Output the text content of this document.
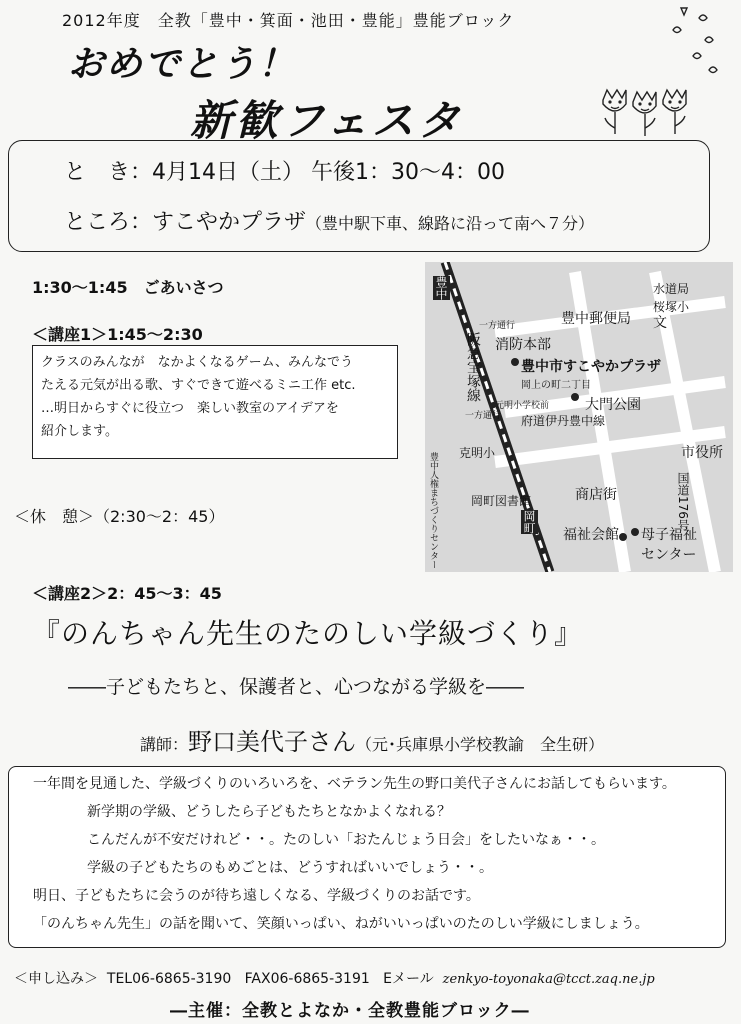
2012年度　全教「豊中・箕面・池田・豊能」豊能ブロック
おめでとう！
新歓フェスタ
と　き：4月14日（土） 午後1：30～4：00
ところ：すこやかプラザ（豊中駅下車、線路に沿って南へ７分）
1:30～1:45　ごあいさつ
＜講座1＞1:45～2:30
クラスのみんなが　なかよくなるゲーム、みんなでう
たえる元気が出る歌、すぐできて遊べるミニ工作 etc.
…明日からすぐに役立つ　楽しい教室のアイデアを
紹介します。
＜休　憩＞（2:30～2：45）
＜講座2＞2：45～3：45
豊中
阪急宝塚線
岡町
水道局
桜塚小
豊中郵便局 文
一方通行
消防本部
豊中市すこやかプラザ
岡上の町二丁目
元明小学校前	大門公園
一方通行 府道伊丹豊中線
克明小
豊中人権まちづくりセンター	岡町図書館
市役所
国道176号
商店街
福祉会館 母子福祉
センター
『のんちゃん先生のたのしい学級づくり』
――子どもたちと、保護者と、心つながる学級を――
講師：野口美代子さん（元･兵庫県小学校教諭　全生研）
一年間を見通した、学級づくりのいろいろを、ベテラン先生の野口美代子さんにお話してもらいます。
新学期の学級、どうしたら子どもたちとなかよくなれる？
こんだんが不安だけれど・・。たのしい「おたんじょう日会」をしたいなぁ・・。
学級の子どもたちのもめごとは、どうすればいいでしょう・・。
明日、子どもたちに会うのが待ち遠しくなる、学級づくりのお話です。
「のんちゃん先生」の話を聞いて、笑顔いっぱい、ねがいいっぱいのたのしい学級にしましょう。
＜申し込み＞ TEL06-6865-3190 FAX06-6865-3191 Eメール zenkyo-toyonaka@tcct.zaq.ne.jp
―主催：全教とよなか・全教豊能ブロック―
